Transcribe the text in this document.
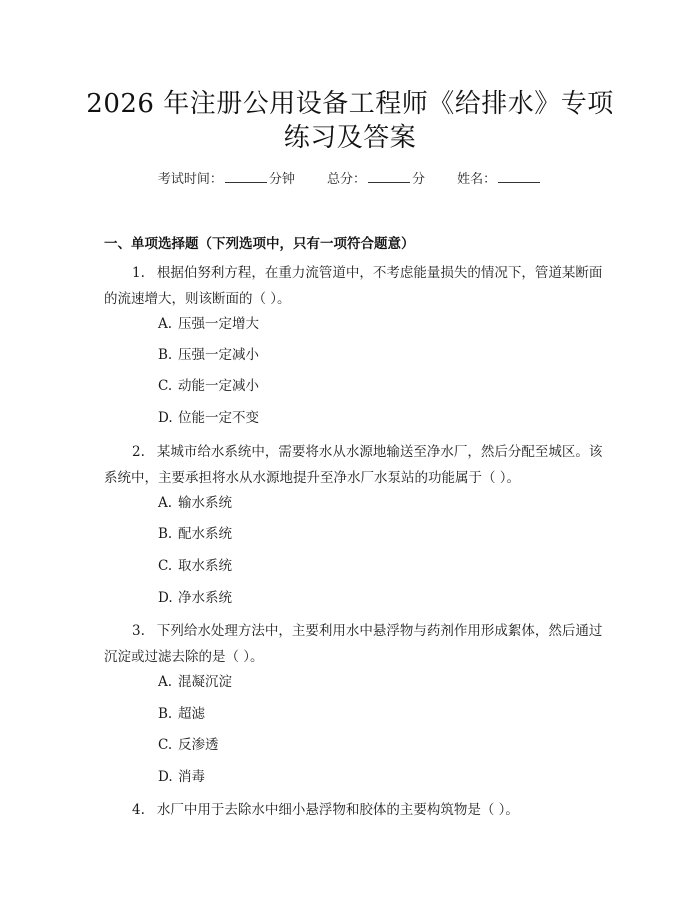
2026 年注册公用设备工程师《给排水》专项
练习及答案
考试时间：	分钟 总分：	分 姓名：
一、单项选择题（下列选项中，只有一项符合题意）
1. 根据伯努利方程，在重力流管道中，不考虑能量损失的情况下，管道某断面的流速增大，则该断面的（ ）。
A. 压强一定增大
B. 压强一定减小
C. 动能一定减小
D. 位能一定不变
2. 某城市给水系统中，需要将水从水源地输送至净水厂，然后分配至城区。该系统中，主要承担将水从水源地提升至净水厂水泵站的功能属于（ ）。
A. 输水系统
B. 配水系统
C. 取水系统
D. 净水系统
3. 下列给水处理方法中，主要利用水中悬浮物与药剂作用形成絮体，然后通过沉淀或过滤去除的是（ ）。
A. 混凝沉淀
B. 超滤
C. 反渗透
D. 消毒
4. 水厂中用于去除水中细小悬浮物和胶体的主要构筑物是（ ）。
